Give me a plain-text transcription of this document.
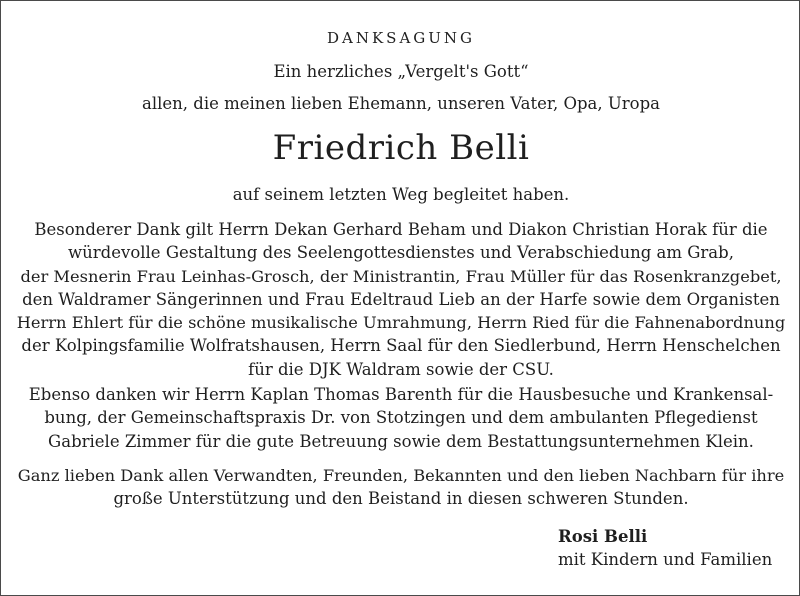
DANKSAGUNG
Ein herzliches „Vergelt's Gott“
allen, die meinen lieben Ehemann, unseren Vater, Opa, Uropa
Friedrich Belli
auf seinem letzten Weg begleitet haben.
Besonderer Dank gilt Herrn Dekan Gerhard Beham und Diakon Christian Horak für die
würdevolle Gestaltung des Seelengottesdienstes und Verabschiedung am Grab,
der Mesnerin Frau Leinhas-Grosch, der Ministrantin, Frau Müller für das Rosenkranzgebet,
den Waldramer Sängerinnen und Frau Edeltraud Lieb an der Harfe sowie dem Organisten
Herrn Ehlert für die schöne musikalische Umrahmung, Herrn Ried für die Fahnenabordnung
der Kolpingsfamilie Wolfratshausen, Herrn Saal für den Siedlerbund, Herrn Henschelchen
für die DJK Waldram sowie der CSU.
Ebenso danken wir Herrn Kaplan Thomas Barenth für die Hausbesuche und Krankensal-
bung, der Gemeinschaftspraxis Dr. von Stotzingen und dem ambulanten Pflegedienst
Gabriele Zimmer für die gute Betreuung sowie dem Bestattungsunternehmen Klein.
Ganz lieben Dank allen Verwandten, Freunden, Bekannten und den lieben Nachbarn für ihre
große Unterstützung und den Beistand in diesen schweren Stunden.
Rosi Belli
mit Kindern und Familien
